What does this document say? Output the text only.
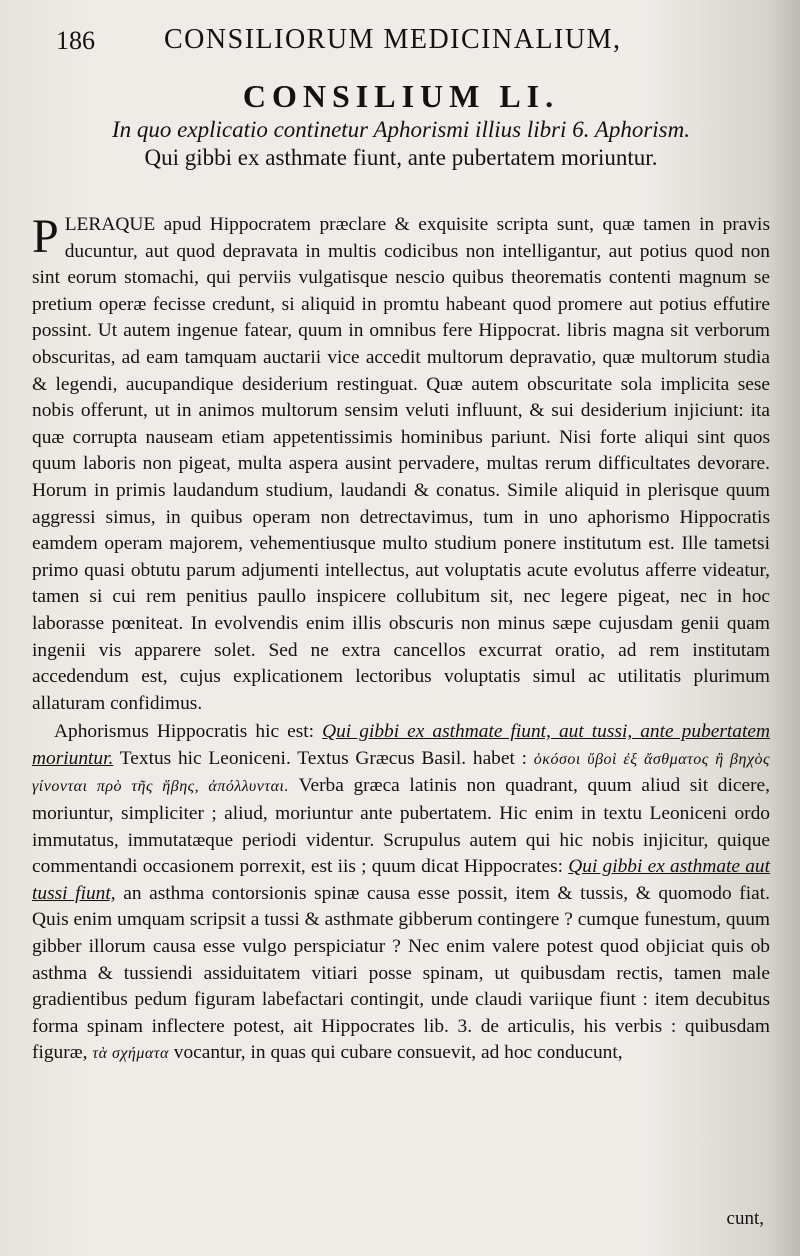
186 CONSILIORUM MEDICINALIUM,
CONSILIUM LI.
In quo explicatio continetur Aphorismi illius libri 6. Aphorism.
Qui gibbi ex asthmate fiunt, ante pubertatem moriuntur.

PLERAQUE apud Hippocratem præclare & exquisite scripta sunt, quæ tamen in pravis ducuntur, aut quod depravata in multis codicibus non intelligantur, aut potius quod non sint eorum stomachi, qui perviis vulgatisque nescio quibus theorematis contenti magnum se pretium operæ fecisse credunt, si aliquid in promtu habeant quod promere aut potius effutire possint. Ut autem ingenue fatear, quum in omnibus fere Hippocrat. libris magna sit verborum obscuritas, ad eam tamquam auctarii vice accedit multorum depravatio, quæ multorum studia & legendi, aucupandique desiderium restinguat. Quæ autem obscuritate sola implicita sese nobis offerunt, ut in animos multorum sensim veluti influunt, & sui desiderium injiciunt: ita quæ corrupta nauseam etiam appetentissimis hominibus pariunt. Nisi forte aliqui sint quos quum laboris non pigeat, multa aspera ausint pervadere, multas rerum difficultates devorare. Horum in primis laudandum studium, laudandi & conatus. Simile aliquid in plerisque quum aggressi simus, in quibus operam non detrectavimus, tum in uno aphorismo Hippocratis eamdem operam majorem, vehementiusque multo studium ponere institutum est. Ille tametsi primo quasi obtutu parum adjumenti intellectus, aut voluptatis acute evolutus afferre videatur, tamen si cui rem penitius paullo inspicere collubitum sit, nec legere pigeat, nec in hoc laborasse pœniteat. In evolvendis enim illis obscuris non minus sæpe cujusdam genii quam ingenii vis apparere solet. Sed ne extra cancellos excurrat oratio, ad rem institutam accedendum est, cujus explicationem lectoribus voluptatis simul ac utilitatis plurimum allaturam confidimus.

Aphorismus Hippocratis hic est: Qui gibbi ex asthmate fiunt, aut tussi, ante pubertatem moriuntur. Textus hic Leoniceni. Textus Græcus Basil. habet : ὁκόσοι ὕβοὶ ἐξ ἄσθματος ἢ βηχὸς γίνονται πρὸ τῆς ἥβης, ἀπόλλυνται. Verba græca latinis non quadrant, quum aliud sit dicere, moriuntur, simpliciter ; aliud, moriuntur ante pubertatem. Hic enim in textu Leoniceni ordo immutatus, immutatæque periodi videntur. Scrupulus autem qui hic nobis injicitur, quique commentandi occasionem porrexit, est iis ; quum dicat Hippocrates: Qui gibbi ex asthmate aut tussi fiunt, an asthma contorsionis spinæ causa esse possit, item & tussis, & quomodo fiat. Quis enim umquam scripsit a tussi & asthmate gibberum contingere ? cumque funestum, quum gibber illorum causa esse vulgo perspiciatur ? Nec enim valere potest quod objiciat quis ob asthma & tussiendi assiduitatem vitiari posse spinam, ut quibusdam rectis, tamen male gradientibus pedum figuram labefactari contingit, unde claudi variique fiunt : item decubitus forma spinam inflectere potest, ait Hippocrates lib. 3. de articulis, his verbis : quibusdam figuræ, τὰ σχήματα vocantur, in quas qui cubare consuevit, ad hoc conducunt,

cunt,
